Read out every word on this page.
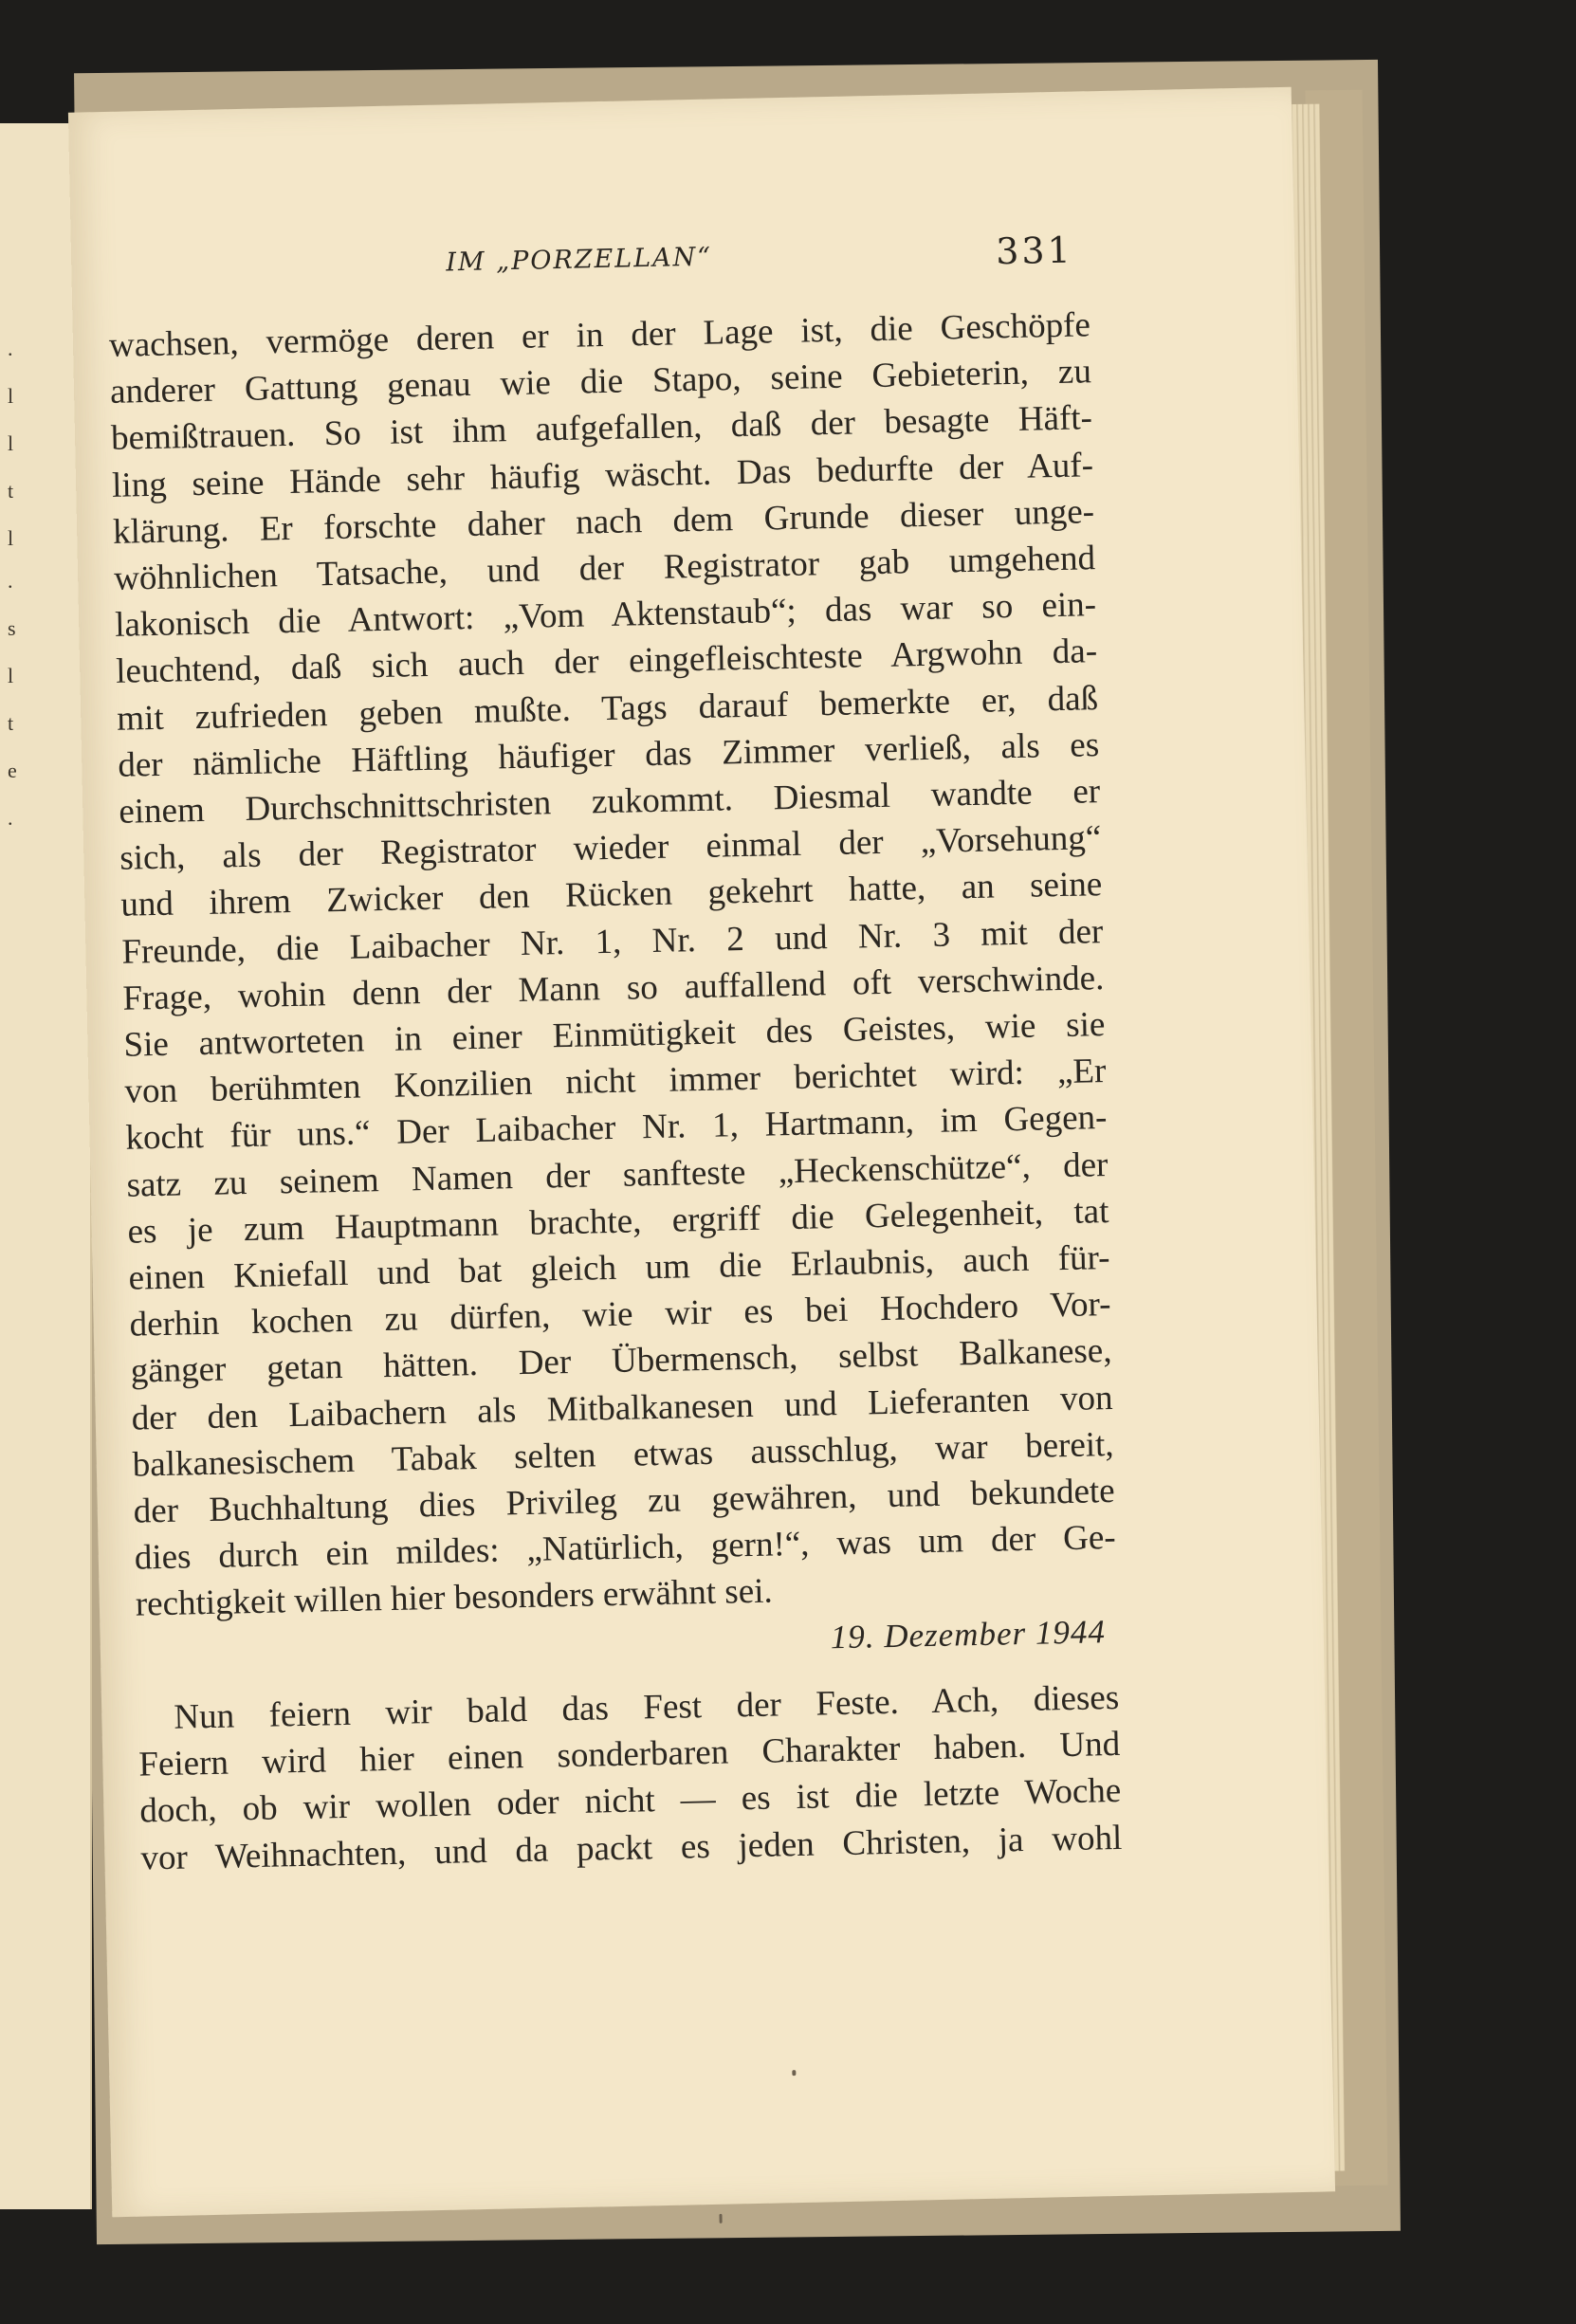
.
l
l
t
l
.
s
l
t
e
.
IM „PORZELLAN“	331
wachsen, vermöge deren er in der Lage ist, die Geschöpfe
anderer Gattung genau wie die Stapo, seine Gebieterin, zu
bemißtrauen. So ist ihm aufgefallen, daß der besagte Häft-
ling seine Hände sehr häufig wäscht. Das bedurfte der Auf-
klärung. Er forschte daher nach dem Grunde dieser unge-
wöhnlichen Tatsache, und der Registrator gab umgehend
lakonisch die Antwort: „Vom Aktenstaub“; das war so ein-
leuchtend, daß sich auch der eingefleischteste Argwohn da-
mit zufrieden geben mußte. Tags darauf bemerkte er, daß
der nämliche Häftling häufiger das Zimmer verließ, als es
einem Durchschnittschristen zukommt. Diesmal wandte er
sich, als der Registrator wieder einmal der „Vorsehung“
und ihrem Zwicker den Rücken gekehrt hatte, an seine
Freunde, die Laibacher Nr. 1, Nr. 2 und Nr. 3 mit der
Frage, wohin denn der Mann so auffallend oft verschwinde.
Sie antworteten in einer Einmütigkeit des Geistes, wie sie
von berühmten Konzilien nicht immer berichtet wird: „Er
kocht für uns.“ Der Laibacher Nr. 1, Hartmann, im Gegen-
satz zu seinem Namen der sanfteste „Heckenschütze“, der
es je zum Hauptmann brachte, ergriff die Gelegenheit, tat
einen Kniefall und bat gleich um die Erlaubnis, auch für-
derhin kochen zu dürfen, wie wir es bei Hochdero Vor-
gänger getan hätten. Der Übermensch, selbst Balkanese,
der den Laibachern als Mitbalkanesen und Lieferanten von
balkanesischem Tabak selten etwas ausschlug, war bereit,
der Buchhaltung dies Privileg zu gewähren, und bekundete
dies durch ein mildes: „Natürlich, gern!“, was um der Ge-
rechtigkeit willen hier besonders erwähnt sei.
19. Dezember 1944
Nun feiern wir bald das Fest der Feste. Ach, dieses
Feiern wird hier einen sonderbaren Charakter haben. Und
doch, ob wir wollen oder nicht — es ist die letzte Woche
vor Weihnachten, und da packt es jeden Christen, ja wohl
